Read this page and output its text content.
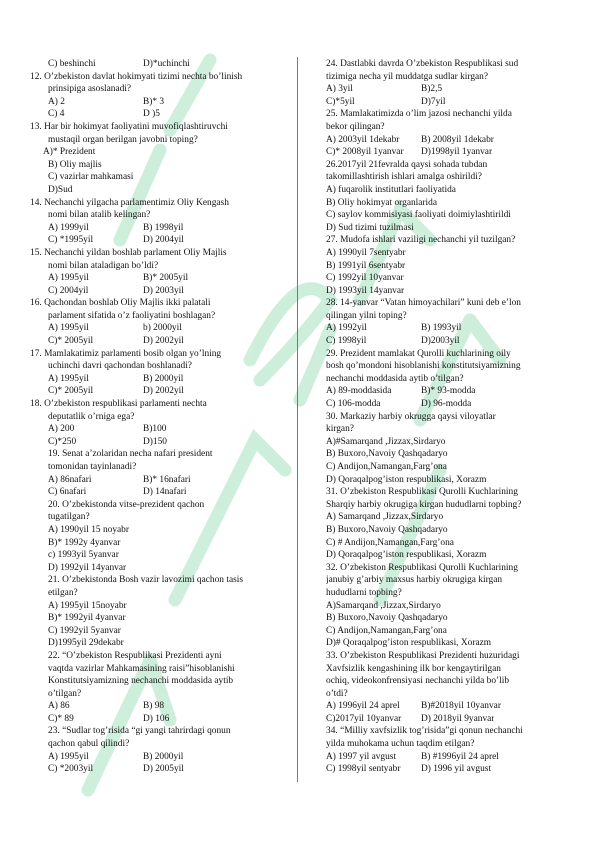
C) beshinchi	D)*uchinchi
12. O’zbekiston davlat hokimyati tizimi nechta bo’linish
prinsipiga asoslanadi?
A) 2	B)* 3
C) 4	D )5
13. Har bir hokimyat faoliyatini muvofiqlashtiruvchi
mustaqil organ berilgan javobni toping?
A)* Prezident
B) Oliy majlis
C) vazirlar mahkamasi
D)Sud
14. Nechanchi yilgacha parlamentimiz Oliy Kengash
nomi bilan atalib kelingan?
A) 1999yil	B) 1998yil
C) *1995yil	D) 2004yil
15. Nechanchi yildan boshlab parlament Oliy Majlis
nomi bilan ataladigan bo’ldi?
A) 1995yil	B)* 2005yil
C) 2004yil	D) 2003yil
16. Qachondan boshlab Oliy Majlis ikki palatali
parlament sifatida o’z faoliyatini boshlagan?
A) 1995yil	b) 2000yil
C)* 2005yil	D) 2002yil
17. Mamlakatimiz parlamenti bosib olgan yo’lning
uchinchi davri qachondan boshlanadi?
A) 1995yil	B) 2000yil
C)* 2005yil	D) 2002yil
18. O’zbekiston respublikasi parlamenti nechta
deputatlik o’rniga ega?
A) 200	B)100
C)*250	D)150
19. Senat a’zolaridan necha nafari president
tomonidan tayinlanadi?
A) 86nafari	B)* 16nafari
C) 6nafari	D) 14nafari
20. O’zbekistonda vitse-prezident qachon
tugatilgan?
A) 1990yil 15 noyabr
B)* 1992y 4yanvar
c) 1993yil 5yanvar
D) 1992yil 14yanvar
21. O’zbekistonda Bosh vazir lavozimi qachon tasis
etilgan?
A) 1995yil 15noyabr
B)* 1992yil 4yanvar
C) 1992yil 5yanvar
D)1995yil 29dekabr
22. “O’zbekiston Respublikasi Prezidenti ayni
vaqtda vazirlar Mahkamasining raisi”hisoblanishi
Konstitutsiyamizning nechanchi moddasida aytib
o’tilgan?
A) 86	B) 98
C)* 89	D) 106
23. “Sudlar tog’risida “gi yangi tahrirdagi qonun
qachon qabul qilindi?
A) 1995yil	B) 2000yil
C) *2003yil	D) 2005yil
24. Dastlabki davrda O’zbekiston Respublikasi sud
tizimiga necha yil muddatga sudlar kirgan?
A) 3yil	B)2,5
C)*5yil	D)7yil
25. Mamlakatimizda o’lim jazosi nechanchi yilda
bekor qilingan?
A) 2003yil 1dekabr	B) 2008yil 1dekabr
C)* 2008yil 1yanvar	D)1998yil 1yanvar
26.2017yil 21fevralda qaysi sohada tubdan
takomillashtirish ishlari amalga oshirildi?
A) fuqarolik institutlari faoliyatida
B) Oliy hokimyat organlarida
C) saylov kommisiyasi faoliyati doimiylashtirildi
D) Sud tizimi tuzilmasi
27. Mudofa ishlari vaziligi nechanchi yil tuzilgan?
A) 1990yil 7sentyabr
B) 1991yil 6sentyabr
C) 1992yil 10yanvar
D) 1993yil 14yanvar
28. 14-yanvar “Vatan himoyachilari” kuni deb e’lon
qilingan yilni toping?
A) 1992yil	B) 1993yil
C) 1998yil	D)2003yil
29. Prezident mamlakat Qurolli kuchlarining oily
bosh qo’mondoni hisoblanishi konstitutsiyamizning
nechanchi moddasida aytib o’tilgan?
A) 89-moddasida	B)* 93-modda
C) 106-modda	D) 96-modda
30. Markaziy harbiy okrugga qaysi viloyatlar
kirgan?
A)#Samarqand ,Jizzax,Sirdaryo
B) Buxoro,Navoiy Qashqadaryo
C) Andijon,Namangan,Farg’ona
D) Qoraqalpog’iston respublikasi, Xorazm
31. O’zbekiston Respublikasi Qurolli Kuchlarining
Sharqiy harbiy okrugiga kirgan hududlarni topbing?
A) Samarqand ,Jizzax,Sirdaryo
B) Buxoro,Navoiy Qashqadaryo
C) # Andijon,Namangan,Farg’ona
D) Qoraqalpog’iston respublikasi, Xorazm
32. O’zbekiston Respublikasi Qurolli Kuchlarining
janubiy g’arbiy maxsus harbiy okrugiga kirgan
hududlarni topbing?
A)Samarqand ,Jizzax,Sirdaryo
B) Buxoro,Navoiy Qashqadaryo
C) Andijon,Namangan,Farg’ona
D)# Qoraqalpog’iston respublikasi, Xorazm
33. O’zbekiston Respublikasi Prezidenti huzuridagi
Xavfsizlik kengashining ilk bor kengaytirilgan
ochiq, videokonfrensiyasi nechanchi yilda bo’lib
o’tdi?
A) 1996yil 24 aprel	B)#2018yil 10yanvar
C)2017yil 10yanvar	D) 2018yil 9yanvar
34. “Milliy xavfsizlik tog’risida”gi qonun nechanchi
yilda muhokama uchun taqdim etilgan?
A) 1997 yil avgust	B) #1996yil 24 aprel
C) 1998yil sentyabr	D) 1996 yil avgust
